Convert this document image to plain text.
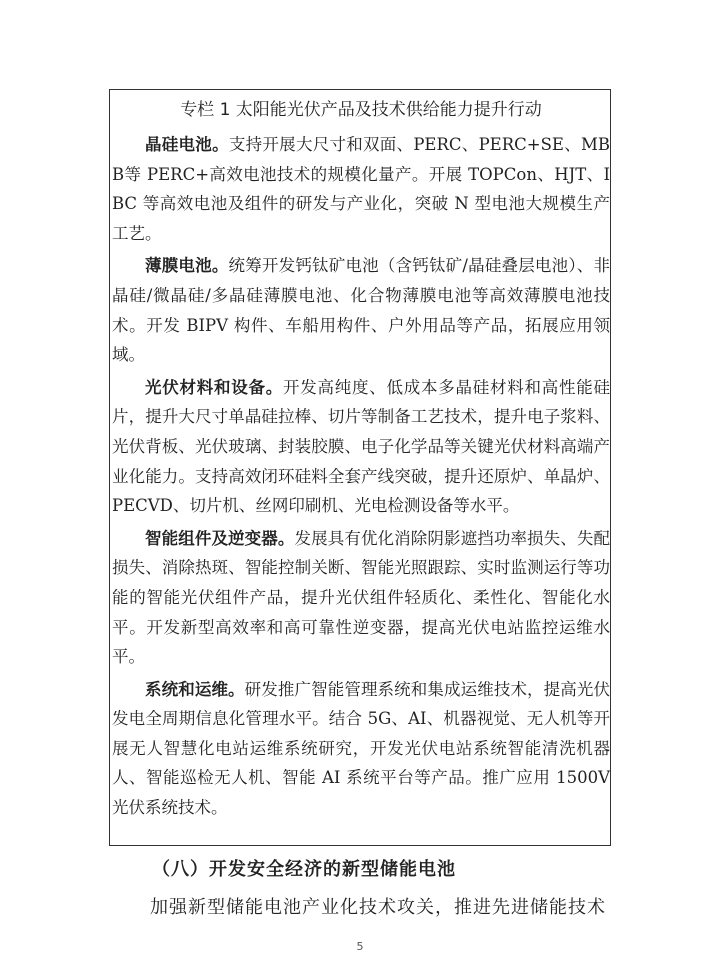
专栏 1 太阳能光伏产品及技术供给能力提升行动

晶硅电池。支持开展大尺寸和双面、PERC、PERC+SE、MBB等 PERC+高效电池技术的规模化量产。开展 TOPCon、HJT、IBC 等高效电池及组件的研发与产业化，突破 N 型电池大规模生产工艺。

薄膜电池。统筹开发钙钛矿电池（含钙钛矿/晶硅叠层电池）、非晶硅/微晶硅/多晶硅薄膜电池、化合物薄膜电池等高效薄膜电池技术。开发 BIPV 构件、车船用构件、户外用品等产品，拓展应用领域。

光伏材料和设备。开发高纯度、低成本多晶硅材料和高性能硅片，提升大尺寸单晶硅拉棒、切片等制备工艺技术，提升电子浆料、光伏背板、光伏玻璃、封装胶膜、电子化学品等关键光伏材料高端产业化能力。支持高效闭环硅料全套产线突破，提升还原炉、单晶炉、PECVD、切片机、丝网印刷机、光电检测设备等水平。

智能组件及逆变器。发展具有优化消除阴影遮挡功率损失、失配损失、消除热斑、智能控制关断、智能光照跟踪、实时监测运行等功能的智能光伏组件产品，提升光伏组件轻质化、柔性化、智能化水平。开发新型高效率和高可靠性逆变器，提高光伏电站监控运维水平。

系统和运维。研发推广智能管理系统和集成运维技术，提高光伏发电全周期信息化管理水平。结合 5G、AI、机器视觉、无人机等开展无人智慧化电站运维系统研究，开发光伏电站系统智能清洗机器人、智能巡检无人机、智能 AI 系统平台等产品。推广应用 1500V 光伏系统技术。

（八）开发安全经济的新型储能电池
加强新型储能电池产业化技术攻关，推进先进储能技术
5
